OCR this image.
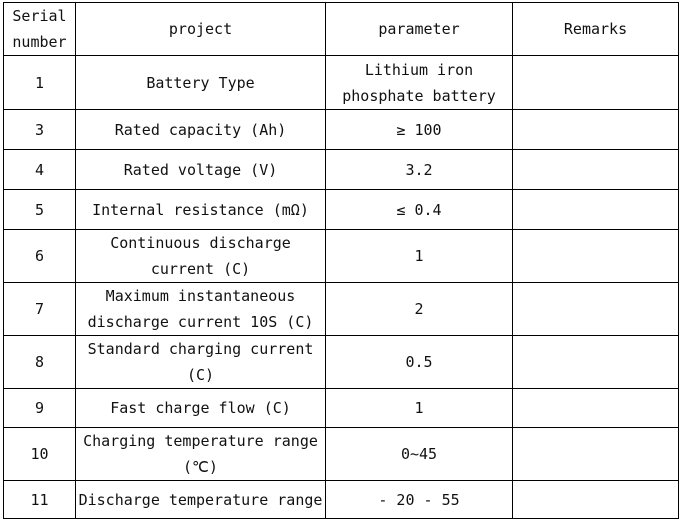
Serial number	project	parameter	Remarks
1	Battery Type	Lithium iron phosphate battery	
3	Rated capacity (Ah)	≥ 100	
4	Rated voltage (V)	3.2	
5	Internal resistance (mΩ)	≤ 0.4	
6	Continuous discharge current (C)	1	
7	Maximum instantaneous discharge current 10S (C)	2	
8	Standard charging current (C)	0.5	
9	Fast charge flow (C)	1	
10	Charging temperature range (℃)	0~45	
11	Discharge temperature range	- 20 - 55	
